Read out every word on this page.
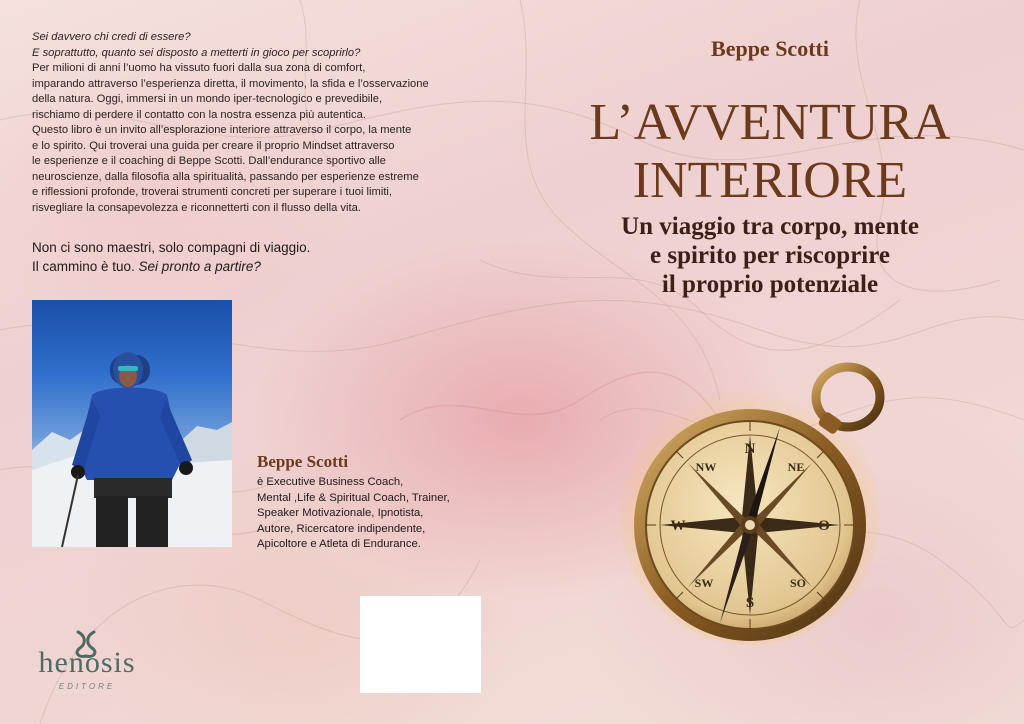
Sei davvero chi credi di essere?

E soprattutto, quanto sei disposto a metterti in gioco per scoprirlo?

Per milioni di anni l’uomo ha vissuto fuori dalla sua zona di comfort,

imparando attraverso l’esperienza diretta, il movimento, la sfida e l’osservazione

della natura. Oggi, immersi in un mondo iper-tecnologico e prevedibile,

rischiamo di perdere il contatto con la nostra essenza più autentica.

Questo libro è un invito all’esplorazione interiore attraverso il corpo, la mente

e lo spirito. Qui troverai una guida per creare il proprio Mindset attraverso

le esperienze e il coaching di Beppe Scotti. Dall’endurance sportivo alle

neuroscienze, dalla filosofia alla spiritualità, passando per esperienze estreme

e riflessioni profonde, troverai strumenti concreti per superare i tuoi limiti,

risvegliare la consapevolezza e riconnetterti con il flusso della vita.

Non ci sono maestri, solo compagni di viaggio.

Il cammino è tuo. Sei pronto a partire?

Beppe Scotti

è Executive Business Coach,

Mental ,Life & Spiritual Coach, Trainer,

Speaker Motivazionale, Ipnotista,

Autore, Ricercatore indipendente,

Apicoltore e Atleta di Endurance.

henosis
EDITORE
Beppe Scotti
L’AVVENTURA
INTERIORE
Un viaggio tra corpo, mente
e spirito per riscoprire
il proprio potenziale
N
NW	NE
W	O
S
SW	SO
